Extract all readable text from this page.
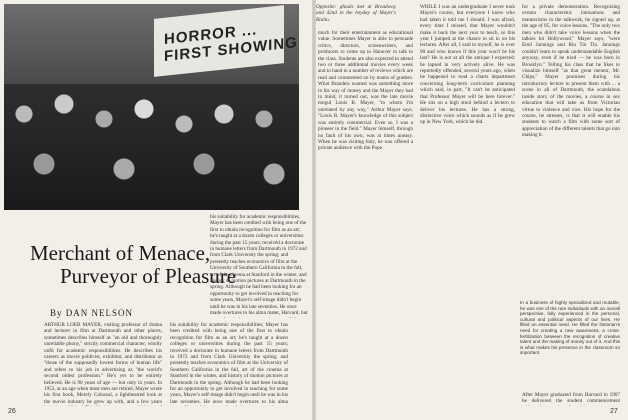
HORROR ... FIRST SHOWING
Opposite: ghouls met at Broadway and 42nd in the heyday of Mayer's Rialto.
Merchant of Menace,
Purveyor of Pleasure
By DAN NELSON
ARTHUR LOEB MAYER, visiting professor of drama and lecturer in film at Dartmouth and other places, sometimes describes himself as "an old and thoroughly unreliable phony," strictly commercial character, wholly unfit for academic responsibilities. He describes his careers as movie publicist, exhibitor, and distributor as "those of the supposedly lowest forms of human life" and refers to his job in advertising as "the world's second oldest profession." He's yet to be entirely believed. He is 90 years of age — but only in years. In 1953, at an age when most men are retired, Mayer wrote his first book, Merely Colossal, a lighthearted look at the movie industry he grew up with, and a few years
his suitability for academic responsibilities, Mayer has been credited with being one of the first to obtain recognition for film as an art; he's taught at a dozen colleges or universities during the past 15 years; received a doctorate in humane letters from Dartmouth in 1972 and from Clark University the spring; and presently teaches economics of film at the University of Southern California in the fall, art of the cinema at Stanford in the winter, and history of motion pictures at Dartmouth in the spring. Although he had been looking for an opportunity to get involved in teaching for some years, Mayer's self-image didn't begin until he was in his late seventies. He once made overtures to his alma
his suitability for academic responsibilities, Mayer has been credited with being one of the first to obtain recognition for film as an art; he's taught at a dozen colleges or universities during the past 15 years; received a doctorate in humane letters from Dartmouth in 1972 and from Clark University the spring; and presently teaches economics of film at the University of Southern California in the fall, art of the cinema at Stanford in the winter, and history of motion pictures at Dartmouth in the spring. Although he had been looking for an opportunity to get involved in teaching for some years, Mayer's self-image didn't begin until he was in his late seventies. He once made overtures to his alma mater, Harvard, but
26
much for their entertainment as educational value. Sometimes Mayer is able to persuade critics, directors, screenwriters, and producers to come up to Hanover to talk to the class. Students are also expected to attend two or three additional movies every week and to hand in a number of reviews which are read and commented on by teams of graders. What Brandeis wanted was something more in his way of money and the Mayer they had in mind, it turned out, was the late movie mogul Louis B. Mayer, "to whom I'm unrelated by any way," Arthur Mayer says. "Louis B. Mayer's knowledge of this subject was entirely commercial. Even so, I was a pioneer in the field." Mayer himself, through no fault of his own, was at times uneasy. When he was visiting Italy, he was offered a private audience with the Pope.
WHILE I was an undergraduate I never took Mayer's course, but everyone I knew who had taken it told me I should. I was afraid, every time I missed, that Mayer wouldn't make it back the next year to teach, so this year I jumped at the chance to sit in on his lectures. After all, I said to myself, he is over 90 and who knows if this year won't be his last? He is not at all the antique I expected; he lapsed in very actively alive. He was reportedly offended, several years ago, when he happened to read a charts department concerning long-term curriculum planning which said, in part, "It can't be anticipated that Professor Mayer will be here forever." He sits on a high stool behind a lectern to deliver his lectures. He has a strong, distinctive voice which sounds as if he grew up in New York, which he did.
for a private demonstration. Recognizing certain characteristic intonations and mannerisms in the talkwork, he signed up, at the age of 85, for voice lessons. "The only two men who didn't take voice lessons when the talkies hit Hollywood," Mayer says, "were Emil Jannings and Rin Tin Tin. Jannings couldn't learn to speak understandable English anyway, even if he tried — he was born in Brooklyn." Telling his class that he likes to visualize himself "as that great mentor, Mr. Chips," Mayer promises during his introductory lecture to present them with ... a scene in all of Dartmouth, the scandalous inside story of the movies, a course in sex education that will take us from Victorian virtue to violence and vice. His hope for the course, he stresses, is that it will enable his students to watch a film with some sort of appreciation of the different talents that go into making it.
In a business of highly specialized and mutable, he was one of the rare individuals with an overall perspective, fully experienced in the personal, cultural and political aspects of our lives. He filled an essential need. He filled the historian's need for creating a new awareness, a cross-fertilization between the recognition of creative talent and the making of money out of it. And this is what makes his presence in the classroom so important.
After Mayer graduated from Harvard in 1907 he delivered the student commencement
27
